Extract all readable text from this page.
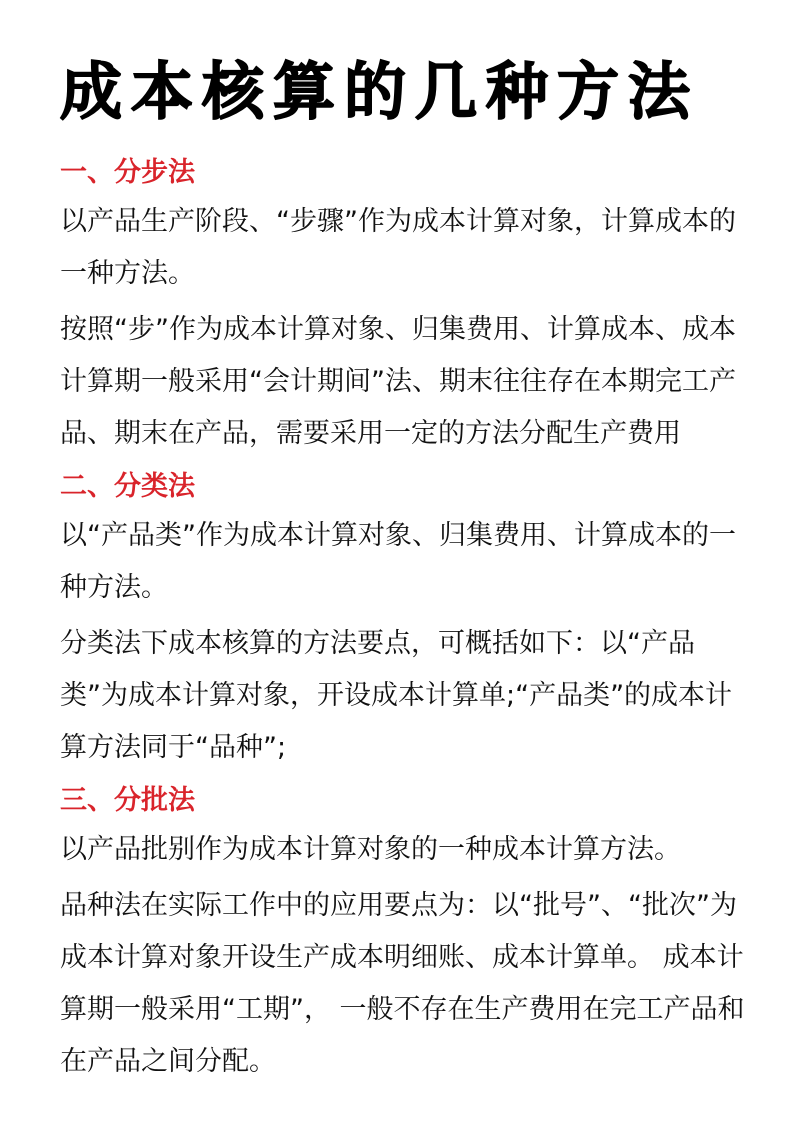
成本核算的几种方法
一、分步法

以产品生产阶段、“步骤”作为成本计算对象，计算成本的一种方法。

按照“步”作为成本计算对象、归集费用、计算成本、成本计算期一般采用“会计期间”法、期末往往存在本期完工产品、期末在产品，需要采用一定的方法分配生产费用

二、分类法

以“产品类”作为成本计算对象、归集费用、计算成本的一种方法。

分类法下成本核算的方法要点，可概括如下：以“产品类”为成本计算对象，开设成本计算单;“产品类”的成本计算方法同于“品种”;

三、分批法

以产品批别作为成本计算对象的一种成本计算方法。

品种法在实际工作中的应用要点为：以“批号”、“批次”为成本计算对象开设生产成本明细账、成本计算单。 成本计算期一般采用“工期”， 一般不存在生产费用在完工产品和在产品之间分配。
